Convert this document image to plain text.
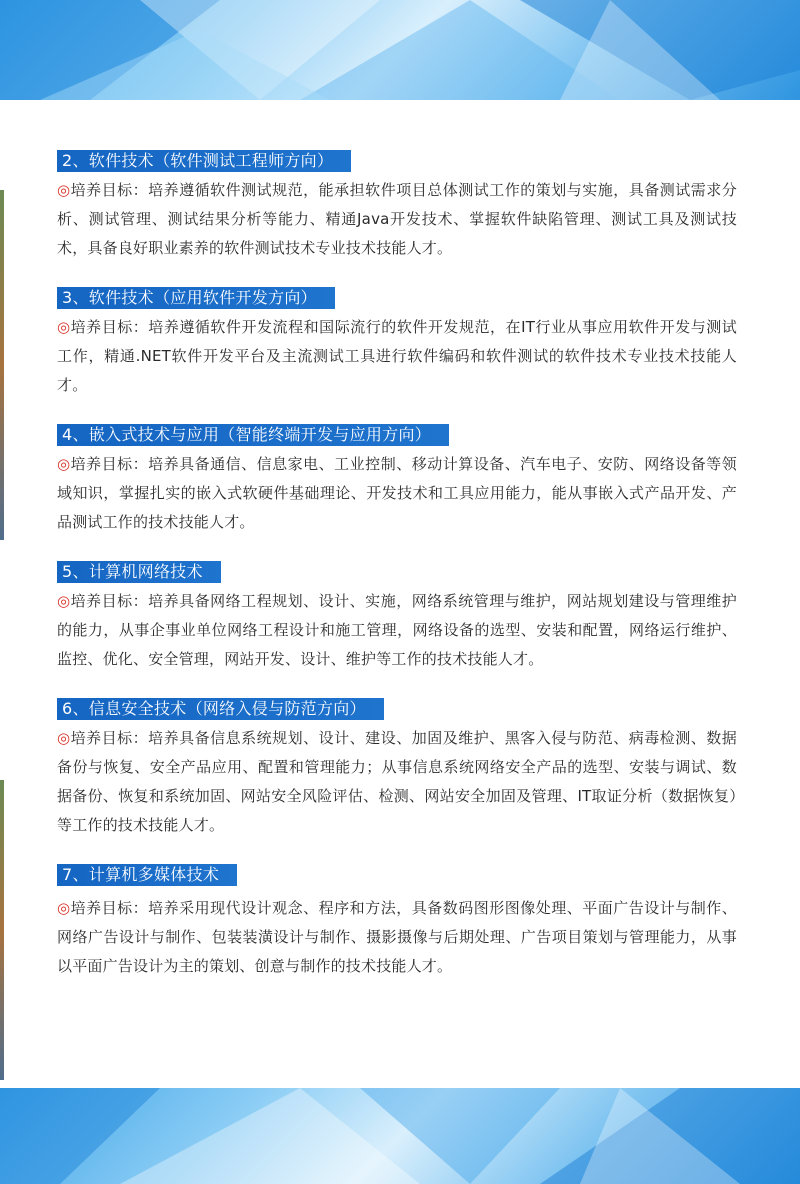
2、软件技术（软件测试工程师方向）
◎培养目标：培养遵循软件测试规范，能承担软件项目总体测试工作的策划与实施，具备测试需求分析、测试管理、测试结果分析等能力、精通Java开发技术、掌握软件缺陷管理、测试工具及测试技术，具备良好职业素养的软件测试技术专业技术技能人才。
3、软件技术（应用软件开发方向）
◎培养目标：培养遵循软件开发流程和国际流行的软件开发规范，在IT行业从事应用软件开发与测试工作，精通.NET软件开发平台及主流测试工具进行软件编码和软件测试的软件技术专业技术技能人才。
4、嵌入式技术与应用（智能终端开发与应用方向）
◎培养目标：培养具备通信、信息家电、工业控制、移动计算设备、汽车电子、安防、网络设备等领域知识，掌握扎实的嵌入式软硬件基础理论、开发技术和工具应用能力，能从事嵌入式产品开发、产品测试工作的技术技能人才。
5、计算机网络技术
◎培养目标：培养具备网络工程规划、设计、实施，网络系统管理与维护，网站规划建设与管理维护的能力，从事企事业单位网络工程设计和施工管理，网络设备的选型、安装和配置，网络运行维护、监控、优化、安全管理，网站开发、设计、维护等工作的技术技能人才。
6、信息安全技术（网络入侵与防范方向）
◎培养目标：培养具备信息系统规划、设计、建设、加固及维护、黑客入侵与防范、病毒检测、数据备份与恢复、安全产品应用、配置和管理能力；从事信息系统网络安全产品的选型、安装与调试、数据备份、恢复和系统加固、网站安全风险评估、检测、网站安全加固及管理、IT取证分析（数据恢复）等工作的技术技能人才。
7、计算机多媒体技术
◎培养目标：培养采用现代设计观念、程序和方法，具备数码图形图像处理、平面广告设计与制作、网络广告设计与制作、包装装潢设计与制作、摄影摄像与后期处理、广告项目策划与管理能力，从事以平面广告设计为主的策划、创意与制作的技术技能人才。
